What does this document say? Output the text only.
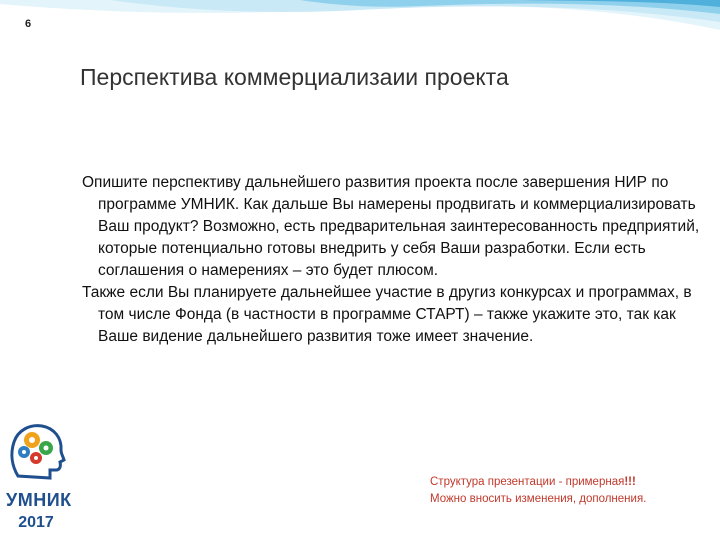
6
Перспектива коммерциализаии проекта

Опишите перспективу дальнейшего развития проекта после завершения НИР по программе УМНИК. Как дальше Вы намерены продвигать и коммерциализировать Ваш продукт? Возможно, есть предварительная заинтересованность предприятий, которые потенциально готовы внедрить у себя Ваши разработки. Если есть соглашения о намерениях – это будет плюсом.

Также если Вы планируете дальнейшее участие в другиз конкурсах и программах, в том числе Фонда (в частности в программе СТАРТ) – также укажите это, так как Ваше видение дальнейшего развития тоже имеет значение.

УМНИК
2017
Структура презентации - примерная!!!
Можно вносить изменения, дополнения.
